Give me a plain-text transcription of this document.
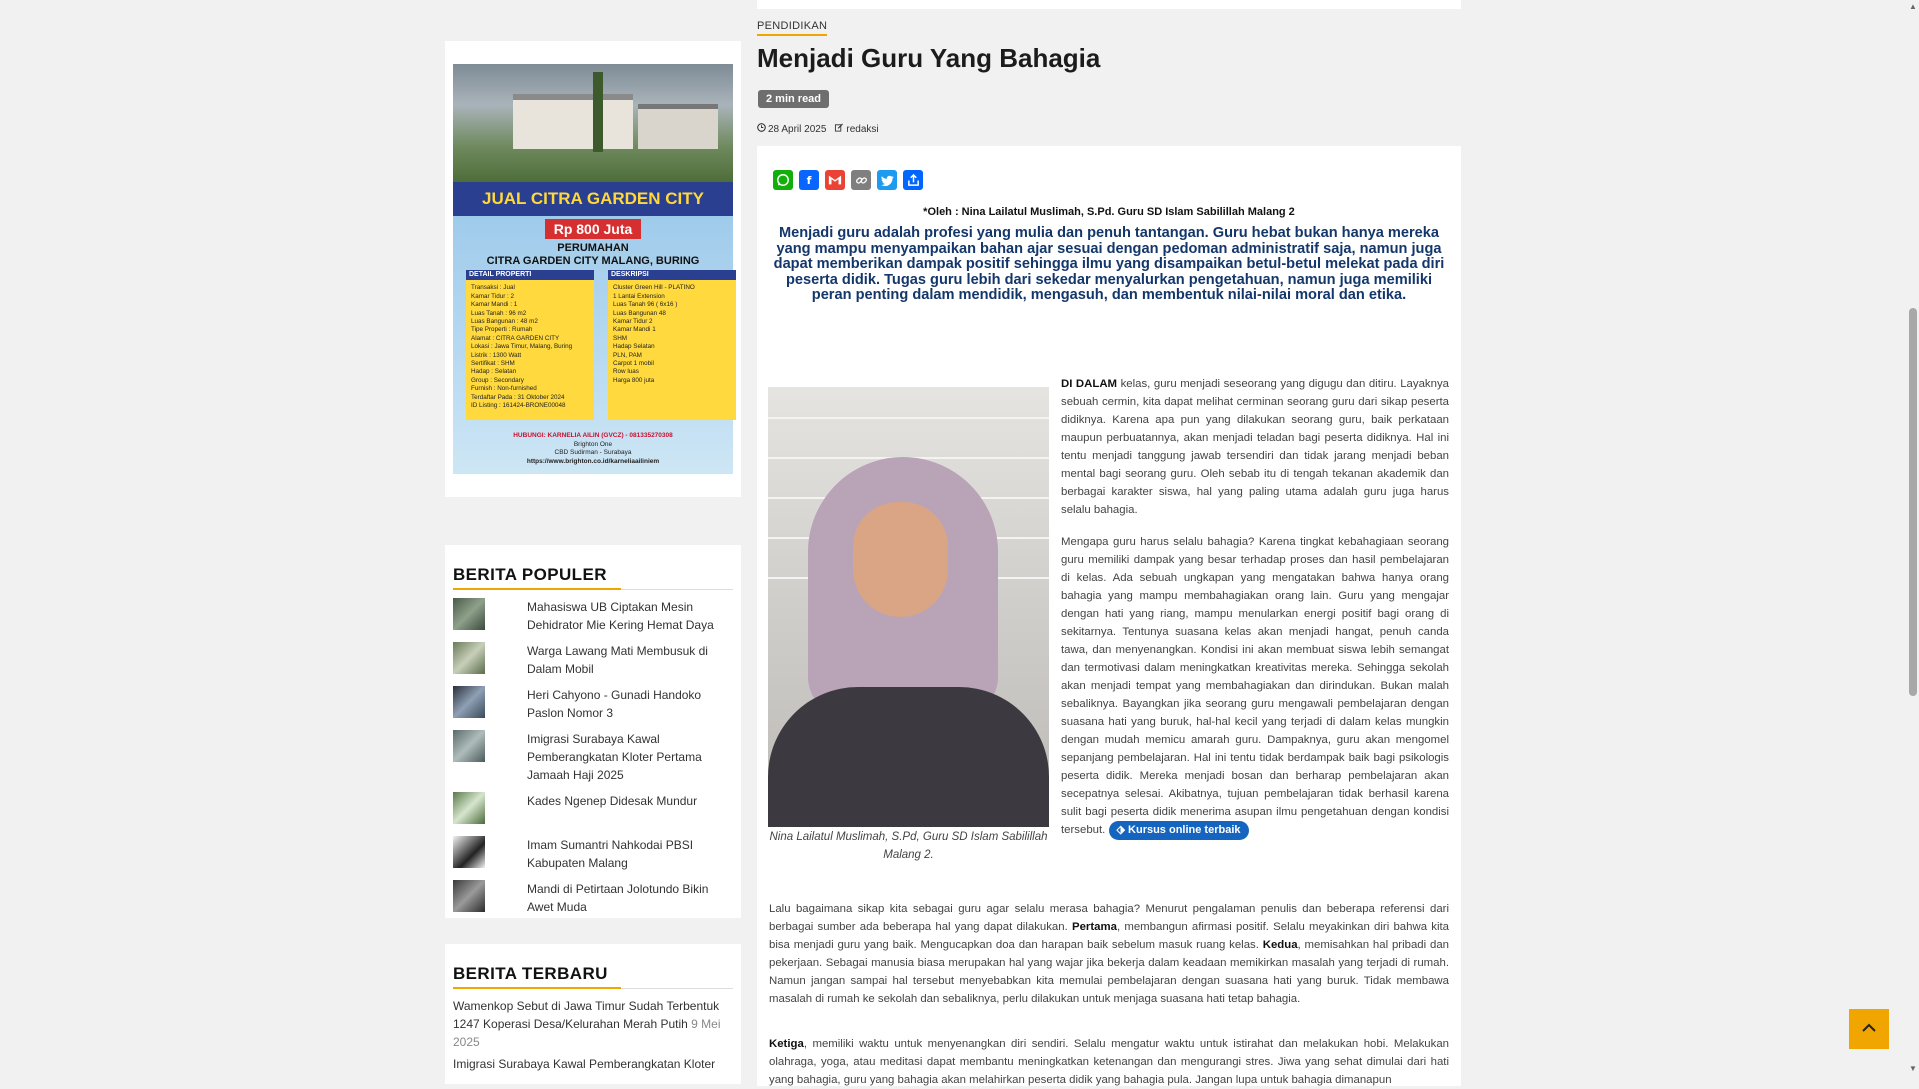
JUAL CITRA GARDEN CITY
Rp 800 Juta
PERUMAHAN
CITRA GARDEN CITY MALANG, BURING
DETAIL PROPERTI
Transaksi : Jual
Kamar Tidur : 2
Kamar Mandi : 1
Luas Tanah : 96 m2
Luas Bangunan : 48 m2
Tipe Properti : Rumah
Alamat : CITRA GARDEN CITY
Lokasi : Jawa Timur, Malang, Buring
Listrik : 1300 Watt
Sertifikat : SHM
Hadap : Selatan
Group : Secondary
Furnish : Non-furnished
Terdaftar Pada : 31 Oktober 2024
ID Listing : 161424-BRONE00048
DESKRIPSI
Cluster Green Hill - PLATINO
1 Lantai Extension
Luas Tanah 96 ( 6x16 )
Luas Bangunan 48
Kamar Tidur 2
Kamar Mandi 1
SHM
Hadap Selatan
PLN, PAM
Carpot 1 mobil
Row luas
Harga 800 juta
HUBUNGI: KARNELIA AILIN (GVCZ) - 081335270308
Brighton One
CBD Sudirman - Surabaya
https://www.brighton.co.id/karneliaailiniem
BERITA POPULER
Mahasiswa UB Ciptakan Mesin Dehidrator Mie Kering Hemat Daya
Warga Lawang Mati Membusuk di Dalam Mobil
Heri Cahyono - Gunadi Handoko Paslon Nomor 3
Imigrasi Surabaya Kawal Pemberangkatan Kloter Pertama Jamaah Haji 2025
Kades Ngenep Didesak Mundur
Imam Sumantri Nahkodai PBSI Kabupaten Malang
Mandi di Petirtaan Jolotundo Bikin Awet Muda
BERITA TERBARU
Wamenkop Sebut di Jawa Timur Sudah Terbentuk 1247 Koperasi Desa/Kelurahan Merah Putih 9 Mei 2025
Imigrasi Surabaya Kawal Pemberangkatan Kloter
PENDIDIKAN
Menjadi Guru Yang Bahagia
2 min read
28 April 2025 redaksi
f
*Oleh : Nina Lailatul Muslimah, S.Pd. Guru SD Islam Sabilillah Malang 2
Menjadi guru adalah profesi yang mulia dan penuh tantangan. Guru hebat bukan hanya mereka yang mampu menyampaikan bahan ajar sesuai dengan pedoman administratif saja, namun juga dapat memberikan dampak positif sehingga ilmu yang disampaikan betul-betul melekat pada diri peserta didik. Tugas guru lebih dari sekedar menyalurkan pengetahuan, namun juga memiliki peran penting dalam mendidik, mengasuh, dan membentuk nilai-nilai moral dan etika.
Nina Lailatul Muslimah, S.Pd, Guru SD Islam Sabilillah Malang 2.

DI DALAM kelas, guru menjadi seseorang yang digugu dan ditiru. Layaknya sebuah cermin, kita dapat melihat cerminan seorang guru dari sikap peserta didiknya. Karena apa pun yang dilakukan seorang guru, baik perkataan maupun perbuatannya, akan menjadi teladan bagi peserta didiknya. Hal ini tentu menjadi tanggung jawab tersendiri dan tidak jarang menjadi beban mental bagi seorang guru. Oleh sebab itu di tengah tekanan akademik dan berbagai karakter siswa, hal yang paling utama adalah guru juga harus selalu bahagia.

Mengapa guru harus selalu bahagia? Karena tingkat kebahagiaan seorang guru memiliki dampak yang besar terhadap proses dan hasil pembelajaran di kelas. Ada sebuah ungkapan yang mengatakan bahwa hanya orang bahagia yang mampu membahagiakan orang lain. Guru yang mengajar dengan hati yang riang, mampu menularkan energi positif bagi orang di sekitarnya. Tentunya suasana kelas akan menjadi hangat, penuh canda tawa, dan menyenangkan. Kondisi ini akan membuat siswa lebih semangat dan termotivasi dalam meningkatkan kreativitas mereka. Sehingga sekolah akan menjadi tempat yang membahagiakan dan dirindukan. Bukan malah sebaliknya. Bayangkan jika seorang guru mengawali pembelajaran dengan suasana hati yang buruk, hal-hal kecil yang terjadi di dalam kelas mungkin dengan mudah memicu amarah guru. Dampaknya, guru akan mengomel sepanjang pembelajaran. Hal ini tentu tidak berdampak baik bagi psikologis peserta didik. Mereka menjadi bosan dan berharap pembelajaran akan secepatnya selesai. Akibatnya, tujuan pembelajaran tidak berhasil karena sulit bagi peserta didik menerima asupan ilmu pengetahuan dengan kondisi tersebut. ⬗ Kursus online terbaik

Lalu bagaimana sikap kita sebagai guru agar selalu merasa bahagia? Menurut pengalaman penulis dan beberapa referensi dari berbagai sumber ada beberapa hal yang dapat dilakukan. Pertama, membangun afirmasi positif. Selalu meyakinkan diri bahwa kita bisa menjadi guru yang baik. Mengucapkan doa dan harapan baik sebelum masuk ruang kelas. Kedua, memisahkan hal pribadi dan pekerjaan. Sebagai manusia biasa merupakan hal yang wajar jika bekerja dalam keadaan memikirkan masalah yang terjadi di rumah. Namun jangan sampai hal tersebut menyebabkan kita memulai pembelajaran dengan suasana hati yang buruk. Tidak membawa masalah di rumah ke sekolah dan sebaliknya, perlu dilakukan untuk menjaga suasana hati tetap bahagia.

Ketiga, memiliki waktu untuk menyenangkan diri sendiri. Selalu mengatur waktu untuk istirahat dan melakukan hobi. Melakukan olahraga, yoga, atau meditasi dapat membantu meningkatkan ketenangan dan mengurangi stres. Jiwa yang sehat dimulai dari hati yang bahagia, guru yang bahagia akan melahirkan peserta didik yang bahagia pula. Jangan lupa untuk bahagia dimanapun

▲
▼
